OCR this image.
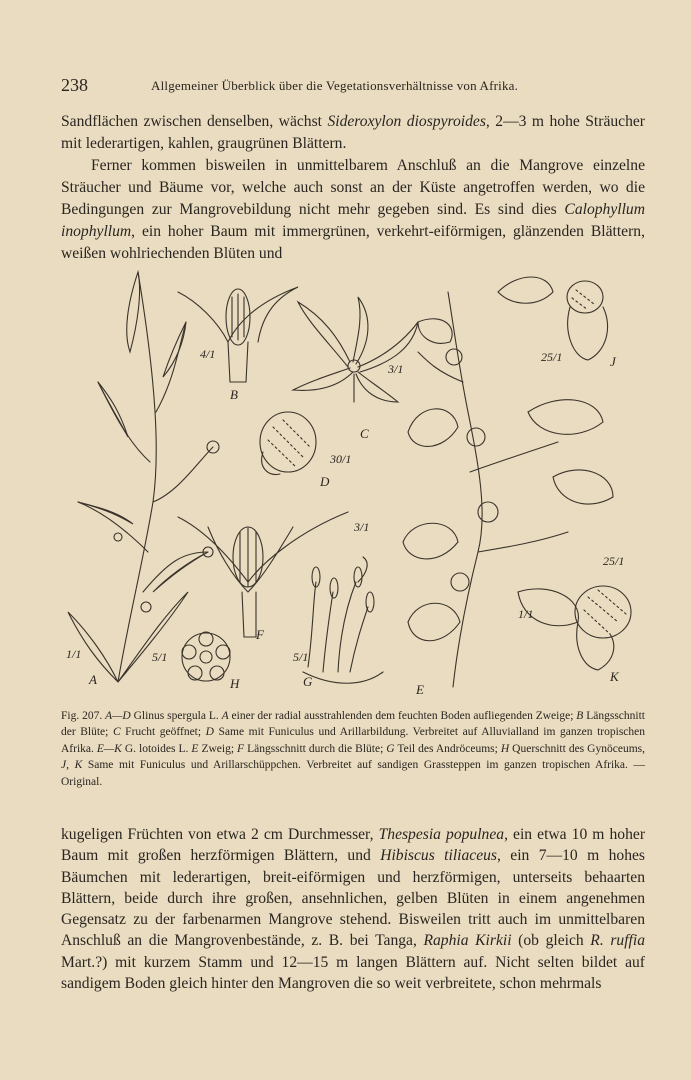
238	Allgemeiner Überblick über die Vegetationsverhältnisse von Afrika.

Sandflächen zwischen denselben, wächst Sideroxylon diospyroides, 2—3 m hohe Sträucher mit lederartigen, kahlen, graugrünen Blättern.

Ferner kommen bisweilen in unmittelbarem Anschluß an die Mangrove einzelne Sträucher und Bäume vor, welche auch sonst an der Küste angetroffen werden, wo die Bedingungen zur Mangrovebildung nicht mehr gegeben sind. Es sind dies Calophyllum inophyllum, ein hoher Baum mit immergrünen, verkehrt-eiförmigen, glänzenden Blättern, weißen wohlriechenden Blüten und

A
B
C
D
E
F
G
H
J
K
1/1
4/1
3/1
30/1
1/1
3/1
5/1
5/1
25/1
25/1
Fig. 207. A—D Glinus spergula L. A einer der radial ausstrahlenden dem feuchten Boden aufliegenden Zweige; B Längsschnitt der Blüte; C Frucht geöffnet; D Same mit Funiculus und Arillarbildung. Verbreitet auf Alluvialland im ganzen tropischen Afrika. E—K G. lotoides L. E Zweig; F Längsschnitt durch die Blüte; G Teil des Andröceums; H Querschnitt des Gynöceums, J, K Same mit Funiculus und Arillarschüppchen. Verbreitet auf sandigen Grassteppen im ganzen tropischen Afrika. — Original.

kugeligen Früchten von etwa 2 cm Durchmesser, Thespesia populnea, ein etwa 10 m hoher Baum mit großen herzförmigen Blättern, und Hibiscus tiliaceus, ein 7—10 m hohes Bäumchen mit lederartigen, breit-eiförmigen und herzförmigen, unterseits behaarten Blättern, beide durch ihre großen, ansehnlichen, gelben Blüten in einem angenehmen Gegensatz zu der farbenarmen Mangrove stehend. Bisweilen tritt auch im unmittelbaren Anschluß an die Mangrovenbestände, z. B. bei Tanga, Raphia Kirkii (ob gleich R. ruffia Mart.?) mit kurzem Stamm und 12—15 m langen Blättern auf. Nicht selten bildet auf sandigem Boden gleich hinter den Mangroven die so weit verbreitete, schon mehrmals
